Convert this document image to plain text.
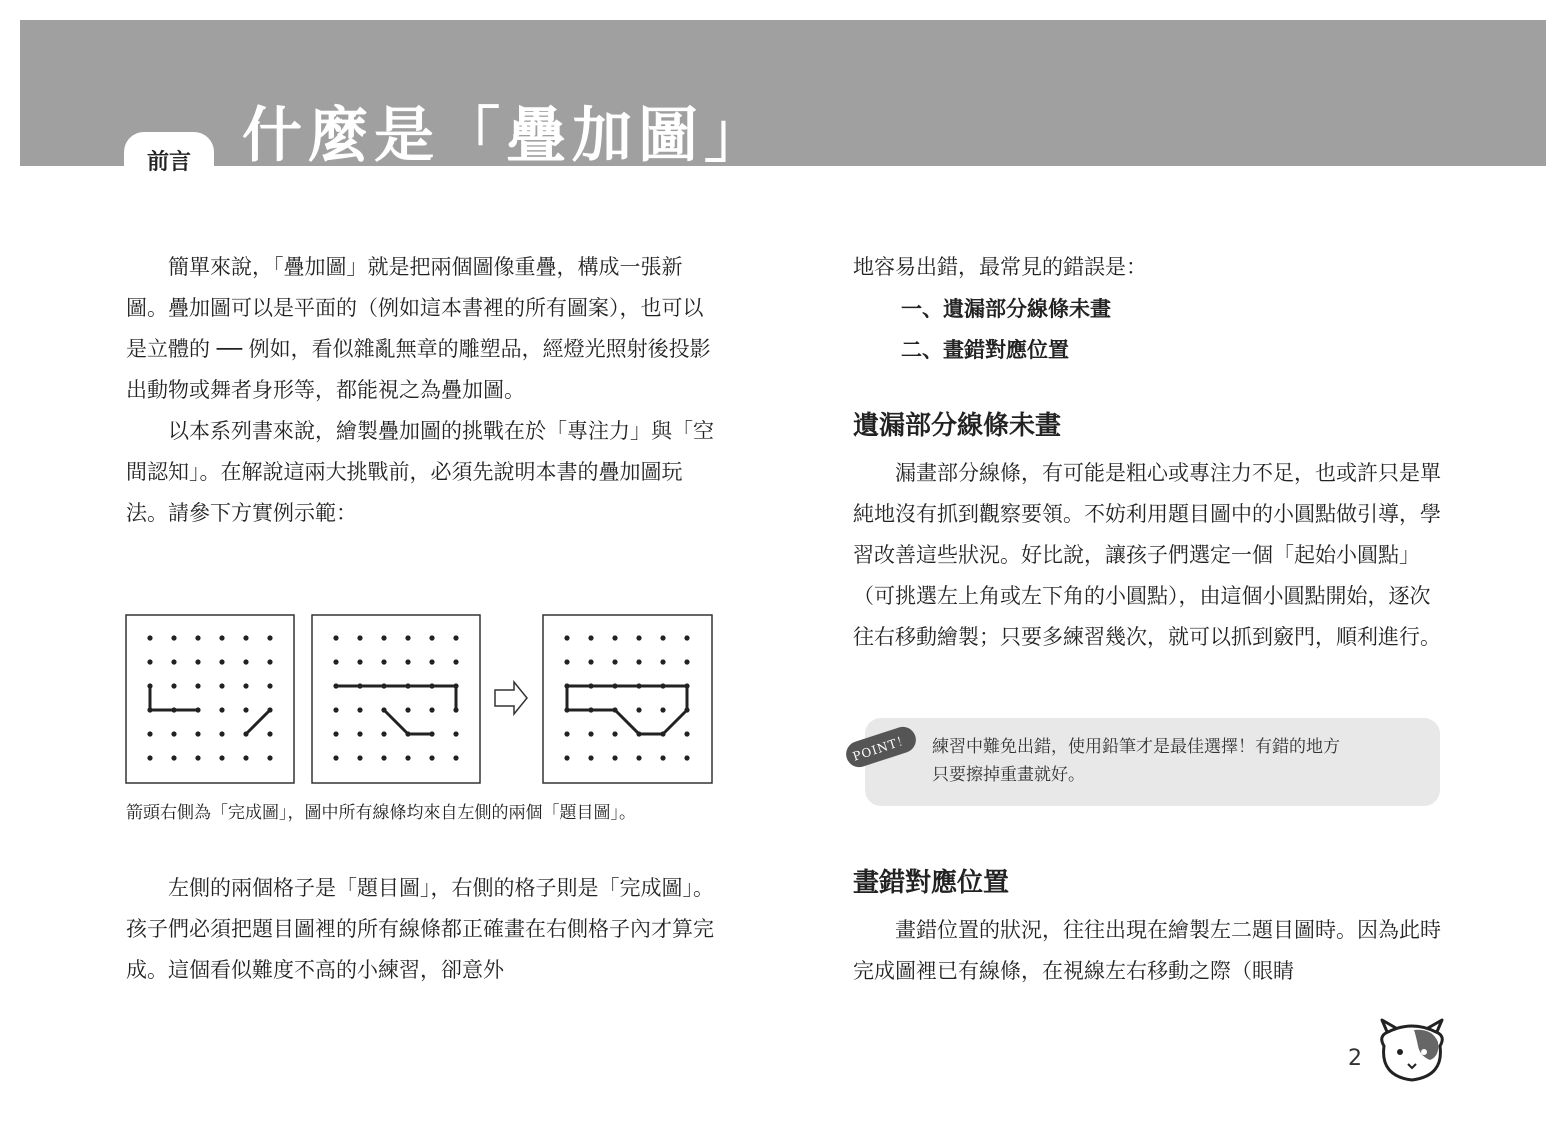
前言 什麼是「疊加圖」

簡單來說，「疊加圖」就是把兩個圖像重疊，構成一張新圖。疊加圖可以是平面的（例如這本書裡的所有圖案），也可以是立體的 ── 例如，看似雜亂無章的雕塑品，經燈光照射後投影出動物或舞者身形等，都能視之為疊加圖。

以本系列書來說，繪製疊加圖的挑戰在於「專注力」與「空間認知」。在解說這兩大挑戰前，必須先說明本書的疊加圖玩法。請參下方實例示範：

箭頭右側為「完成圖」，圖中所有線條均來自左側的兩個「題目圖」。

左側的兩個格子是「題目圖」，右側的格子則是「完成圖」。孩子們必須把題目圖裡的所有線條都正確畫在右側格子內才算完成。這個看似難度不高的小練習，卻意外

地容易出錯，最常見的錯誤是：

一、遺漏部分線條未畫

二、畫錯對應位置

遺漏部分線條未畫

漏畫部分線條，有可能是粗心或專注力不足，也或許只是單純地沒有抓到觀察要領。不妨利用題目圖中的小圓點做引導，學習改善這些狀況。好比說，讓孩子們選定一個「起始小圓點」（可挑選左上角或左下角的小圓點），由這個小圓點開始，逐次往右移動繪製；只要多練習幾次，就可以抓到竅門，順利進行。

POINT！	練習中難免出錯，使用鉛筆才是最佳選擇！有錯的地方

只要擦掉重畫就好。

畫錯對應位置

畫錯位置的狀況，往往出現在繪製左二題目圖時。因為此時完成圖裡已有線條，在視線左右移動之際（眼睛

2
